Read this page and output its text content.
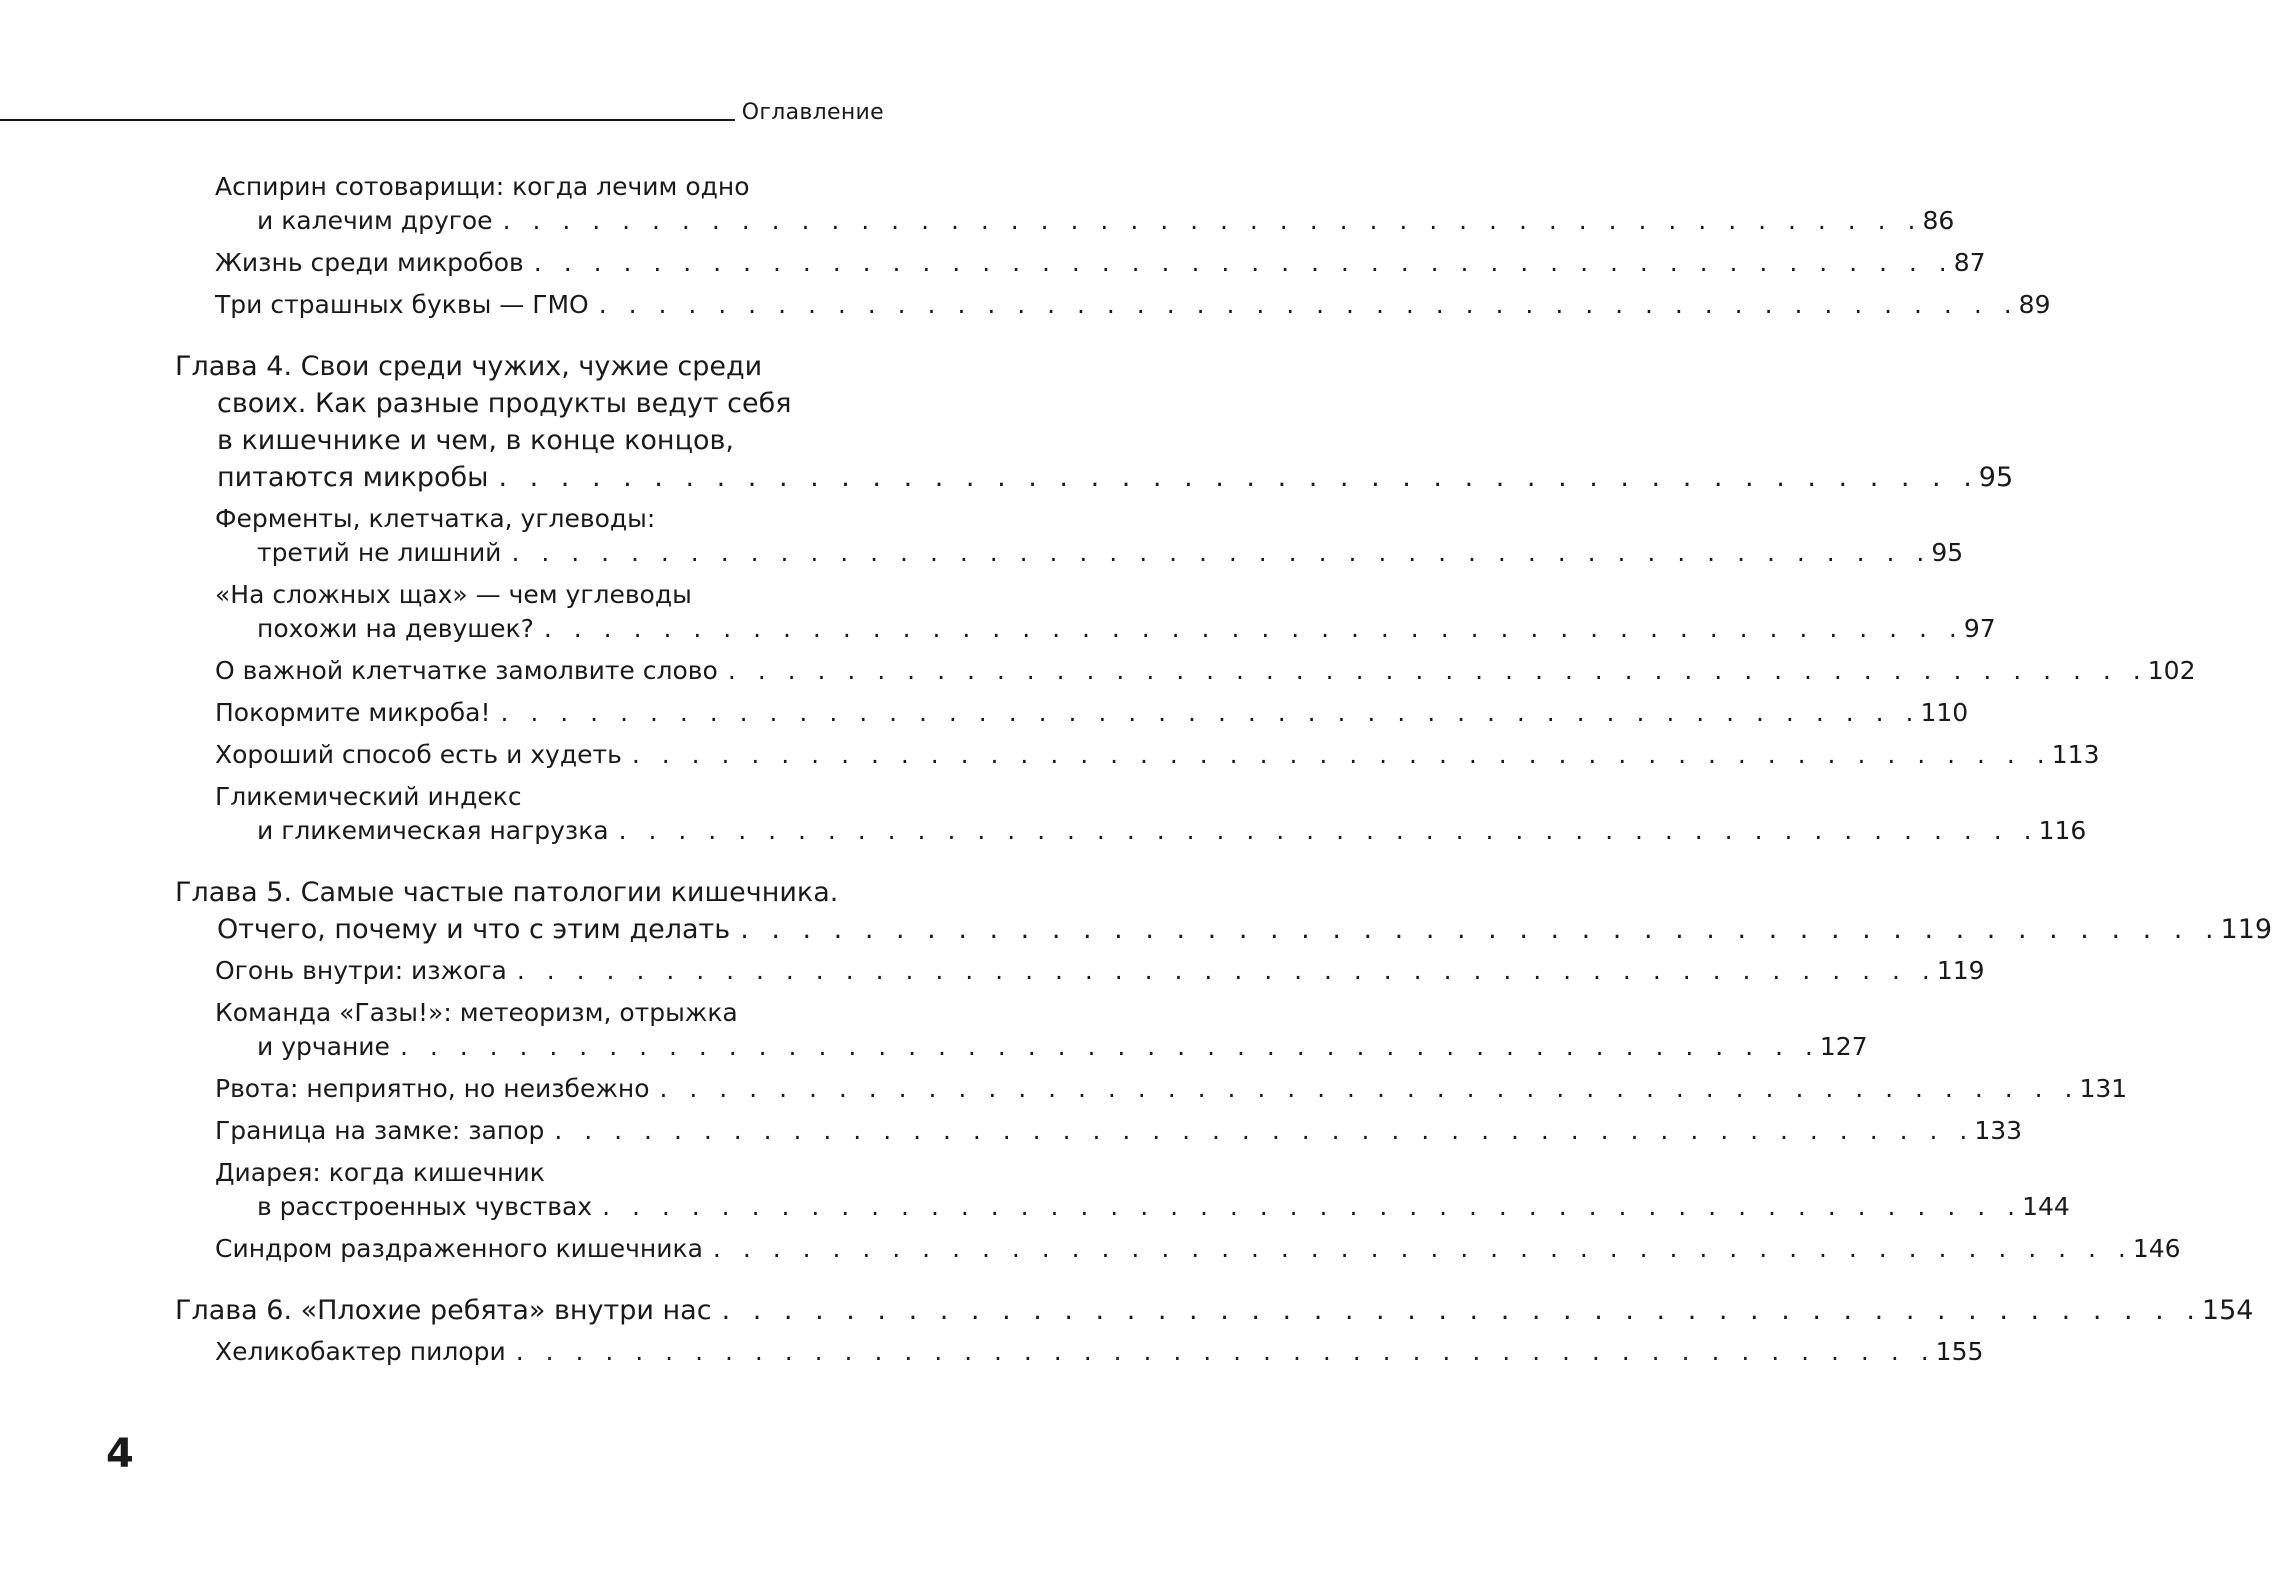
Оглавление
Аспирин сотоварищи: когда лечим одно
и калечим другое . . . . . . . . . . . . . . . . . . . . . . . . . . . . . . . . . . . . . . . . . . . . . . . . 86
Жизнь среди микробов . . . . . . . . . . . . . . . . . . . . . . . . . . . . . . . . . . . . . . . . . . . . . . . . 87
Три страшных буквы — ГМО . . . . . . . . . . . . . . . . . . . . . . . . . . . . . . . . . . . . . . . . . . . . . . . . 89
Глава 4. Свои среди чужих, чужие среди
своих. Как разные продукты ведут себя
в кишечнике и чем, в конце концов,
питаются микробы . . . . . . . . . . . . . . . . . . . . . . . . . . . . . . . . . . . . . . . . . . . . . . . . 95
Ферменты, клетчатка, углеводы:
третий не лишний . . . . . . . . . . . . . . . . . . . . . . . . . . . . . . . . . . . . . . . . . . . . . . . . 95
«На сложных щах» — чем углеводы
похожи на девушек? . . . . . . . . . . . . . . . . . . . . . . . . . . . . . . . . . . . . . . . . . . . . . . . . 97
О важной клетчатке замолвите слово . . . . . . . . . . . . . . . . . . . . . . . . . . . . . . . . . . . . . . . . . . . . . . . . 102
Покормите микроба! . . . . . . . . . . . . . . . . . . . . . . . . . . . . . . . . . . . . . . . . . . . . . . . . 110
Хороший способ есть и худеть . . . . . . . . . . . . . . . . . . . . . . . . . . . . . . . . . . . . . . . . . . . . . . . . 113
Гликемический индекс
и гликемическая нагрузка . . . . . . . . . . . . . . . . . . . . . . . . . . . . . . . . . . . . . . . . . . . . . . . . 116
Глава 5. Самые частые патологии кишечника.
Отчего, почему и что с этим делать . . . . . . . . . . . . . . . . . . . . . . . . . . . . . . . . . . . . . . . . . . . . . . . . 119
Огонь внутри: изжога . . . . . . . . . . . . . . . . . . . . . . . . . . . . . . . . . . . . . . . . . . . . . . . . 119
Команда «Газы!»: метеоризм, отрыжка
и урчание . . . . . . . . . . . . . . . . . . . . . . . . . . . . . . . . . . . . . . . . . . . . . . . . 127
Рвота: неприятно, но неизбежно . . . . . . . . . . . . . . . . . . . . . . . . . . . . . . . . . . . . . . . . . . . . . . . . 131
Граница на замке: запор . . . . . . . . . . . . . . . . . . . . . . . . . . . . . . . . . . . . . . . . . . . . . . . . 133
Диарея: когда кишечник
в расстроенных чувствах . . . . . . . . . . . . . . . . . . . . . . . . . . . . . . . . . . . . . . . . . . . . . . . . 144
Синдром раздраженного кишечника . . . . . . . . . . . . . . . . . . . . . . . . . . . . . . . . . . . . . . . . . . . . . . . . 146
Глава 6. «Плохие ребята» внутри нас . . . . . . . . . . . . . . . . . . . . . . . . . . . . . . . . . . . . . . . . . . . . . . . . 154
Хеликобактер пилори . . . . . . . . . . . . . . . . . . . . . . . . . . . . . . . . . . . . . . . . . . . . . . . . 155
4
